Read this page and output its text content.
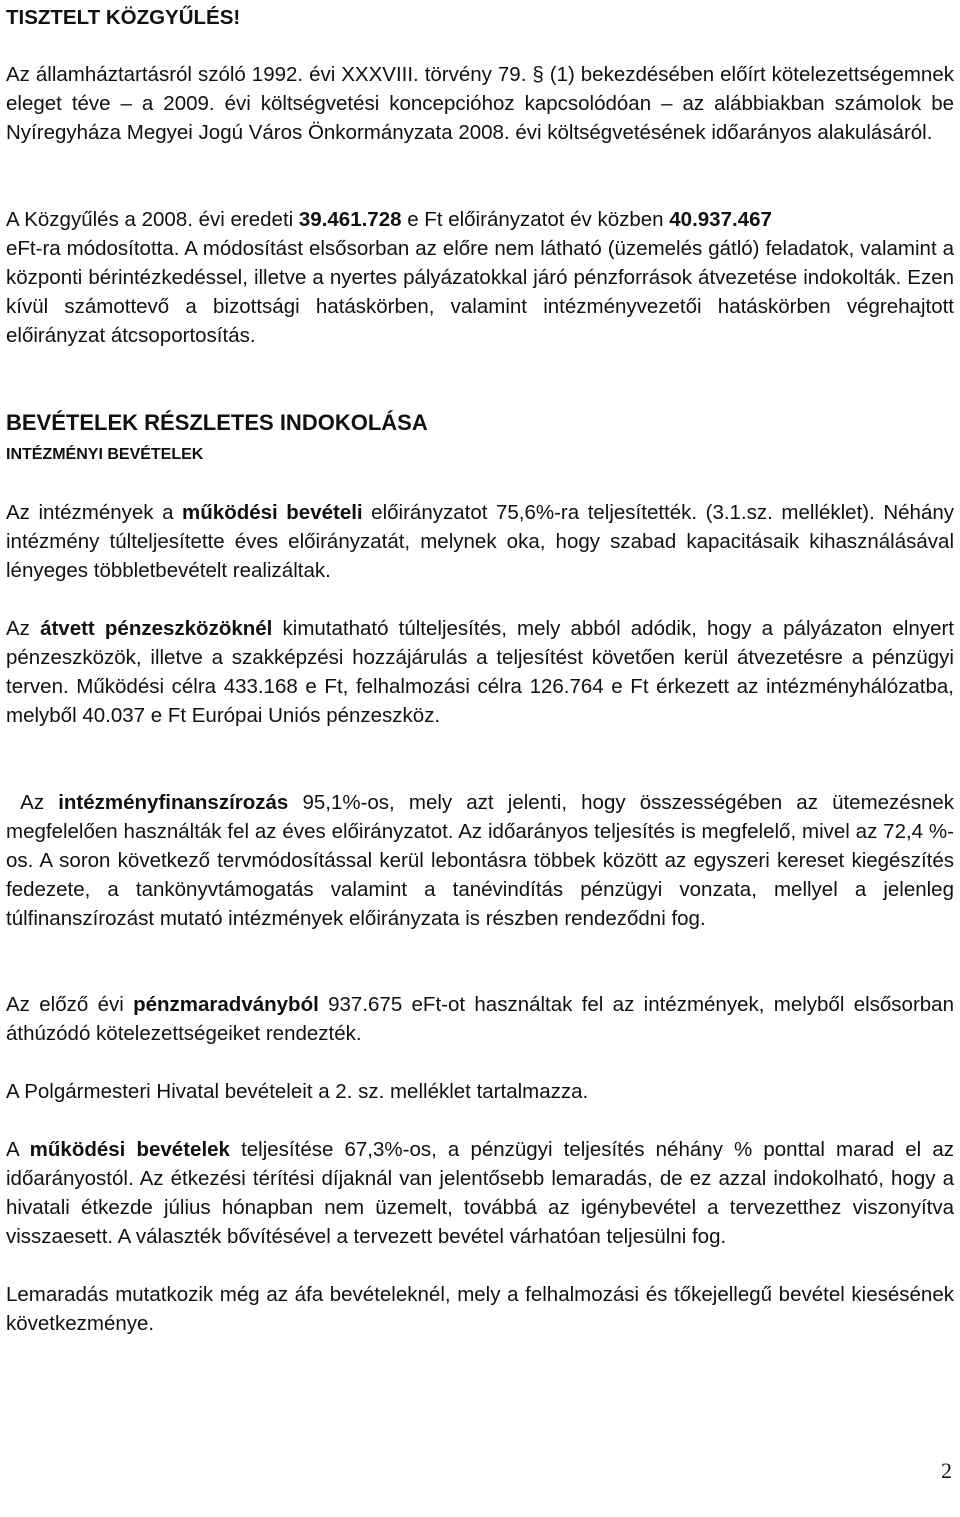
TISZTELT KÖZGYŰLÉS!

Az államháztartásról szóló 1992. évi XXXVIII. törvény 79. § (1) bekezdésében előírt kötelezettségemnek eleget téve – a 2009. évi költségvetési koncepcióhoz kapcsolódóan – az alábbiakban számolok be Nyíregyháza Megyei Jogú Város Önkormányzata 2008. évi költségvetésének időarányos alakulásáról.

A Közgyűlés a 2008. évi eredeti 39.461.728 e Ft előirányzatot év közben 40.937.467
eFt-ra módosította. A módosítást elsősorban az előre nem látható (üzemelés gátló) feladatok, valamint a központi bérintézkedéssel, illetve a nyertes pályázatokkal járó pénzforrások átvezetése indokolták. Ezen kívül számottevő a bizottsági hatáskörben, valamint intézményvezetői hatáskörben végrehajtott előirányzat átcsoportosítás.

BEVÉTELEK RÉSZLETES INDOKOLÁSA
INTÉZMÉNYI BEVÉTELEK

Az intézmények a működési bevételi előirányzatot 75,6%-ra teljesítették. (3.1.sz. melléklet). Néhány intézmény túlteljesítette éves előirányzatát, melynek oka, hogy szabad kapacitásaik kihasználásával lényeges többletbevételt realizáltak.

Az átvett pénzeszközöknél kimutatható túlteljesítés, mely abból adódik, hogy a pályázaton elnyert pénzeszközök, illetve a szakképzési hozzájárulás a teljesítést követően kerül átvezetésre a pénzügyi terven. Működési célra 433.168 e Ft, felhalmozási célra 126.764 e Ft érkezett az intézményhálózatba, melyből 40.037 e Ft Európai Uniós pénzeszköz.

Az intézményfinanszírozás 95,1%-os, mely azt jelenti, hogy összességében az ütemezésnek megfelelően használták fel az éves előirányzatot. Az időarányos teljesítés is megfelelő, mivel az 72,4 %-os. A soron következő tervmódosítással kerül lebontásra többek között az egyszeri kereset kiegészítés fedezete, a tankönyvtámogatás valamint a tanévindítás pénzügyi vonzata, mellyel a jelenleg túlfinanszírozást mutató intézmények előirányzata is részben rendeződni fog.

Az előző évi pénzmaradványból 937.675 eFt-ot használtak fel az intézmények, melyből elsősorban áthúzódó kötelezettségeiket rendezték.

A Polgármesteri Hivatal bevételeit a 2. sz. melléklet tartalmazza.

A működési bevételek teljesítése 67,3%-os, a pénzügyi teljesítés néhány % ponttal marad el az időarányostól. Az étkezési térítési díjaknál van jelentősebb lemaradás, de ez azzal indokolható, hogy a hivatali étkezde július hónapban nem üzemelt, továbbá az igénybevétel a tervezetthez viszonyítva visszaesett. A választék bővítésével a tervezett bevétel várhatóan teljesülni fog.

Lemaradás mutatkozik még az áfa bevételeknél, mely a felhalmozási és tőkejellegű bevétel kiesésének következménye.

2
